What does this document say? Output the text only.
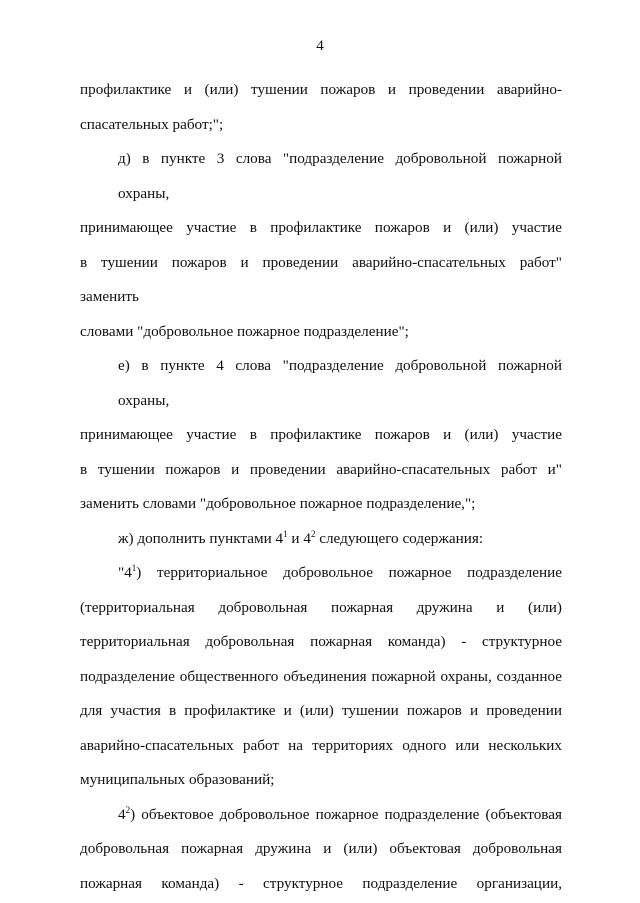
4
профилактике и (или) тушении пожаров и проведении аварийно-
спасательных работ;";
д) в пункте 3 слова "подразделение добровольной пожарной охраны,
принимающее участие в профилактике пожаров и (или) участие
в тушении пожаров и проведении аварийно-спасательных работ" заменить
словами "добровольное пожарное подразделение";
е) в пункте 4 слова "подразделение добровольной пожарной охраны,
принимающее участие в профилактике пожаров и (или) участие
в тушении пожаров и проведении аварийно-спасательных работ и"
заменить словами "добровольное пожарное подразделение,";
ж) дополнить пунктами $4^1$ и $4^2$ следующего содержания:
"$4^1$) территориальное добровольное пожарное подразделение
(территориальная добровольная пожарная дружина и (или)
территориальная добровольная пожарная команда) - структурное
подразделение общественного объединения пожарной охраны, созданное
для участия в профилактике и (или) тушении пожаров и проведении
аварийно-спасательных работ на территориях одного или нескольких
муниципальных образований;
$4^2$) объектовое добровольное пожарное подразделение (объектовая
добровольная пожарная дружина и (или) объектовая добровольная
пожарная команда) - структурное подразделение организации,
